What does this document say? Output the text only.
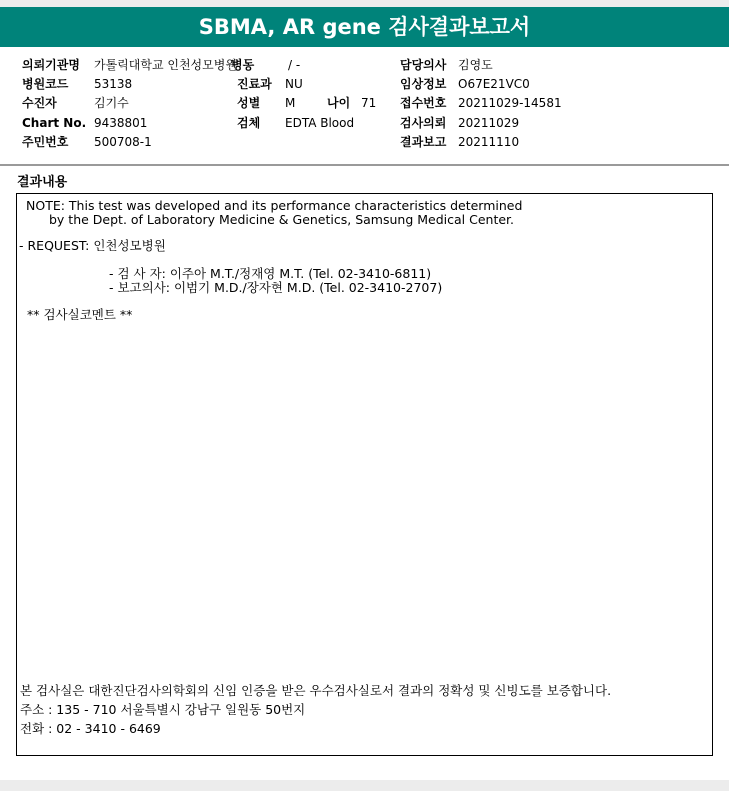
SBMA, AR gene 검사결과보고서
의뢰기관명 가톨릭대학교 인천성모병원
병동	/ -	담당의사 김영도
병원코드 53138	진료과 NU	임상정보 O67E21VC0
수진자	김기수	성별 M	나이 71 접수번호 20211029-14581
Chart No. 9438801	검체 EDTA Blood	검사의뢰 20211029
주민번호 500708-1	결과보고 20211110
결과내용
NOTE: This test was developed and its performance characteristics determined
by the Dept. of Laboratory Medicine & Genetics, Samsung Medical Center.
- REQUEST: 인천성모병원
- 검 사 자: 이주아 M.T./정재영 M.T. (Tel. 02-3410-6811)
- 보고의사: 이범기 M.D./장자현 M.D. (Tel. 02-3410-2707)
** 검사실코멘트 **
본 검사실은 대한진단검사의학회의 신임 인증을 받은 우수검사실로서 결과의 정확성 및 신빙도를 보증합니다.
주소 : 135 - 710 서울특별시 강남구 일원동 50번지
전화 : 02 - 3410 - 6469
